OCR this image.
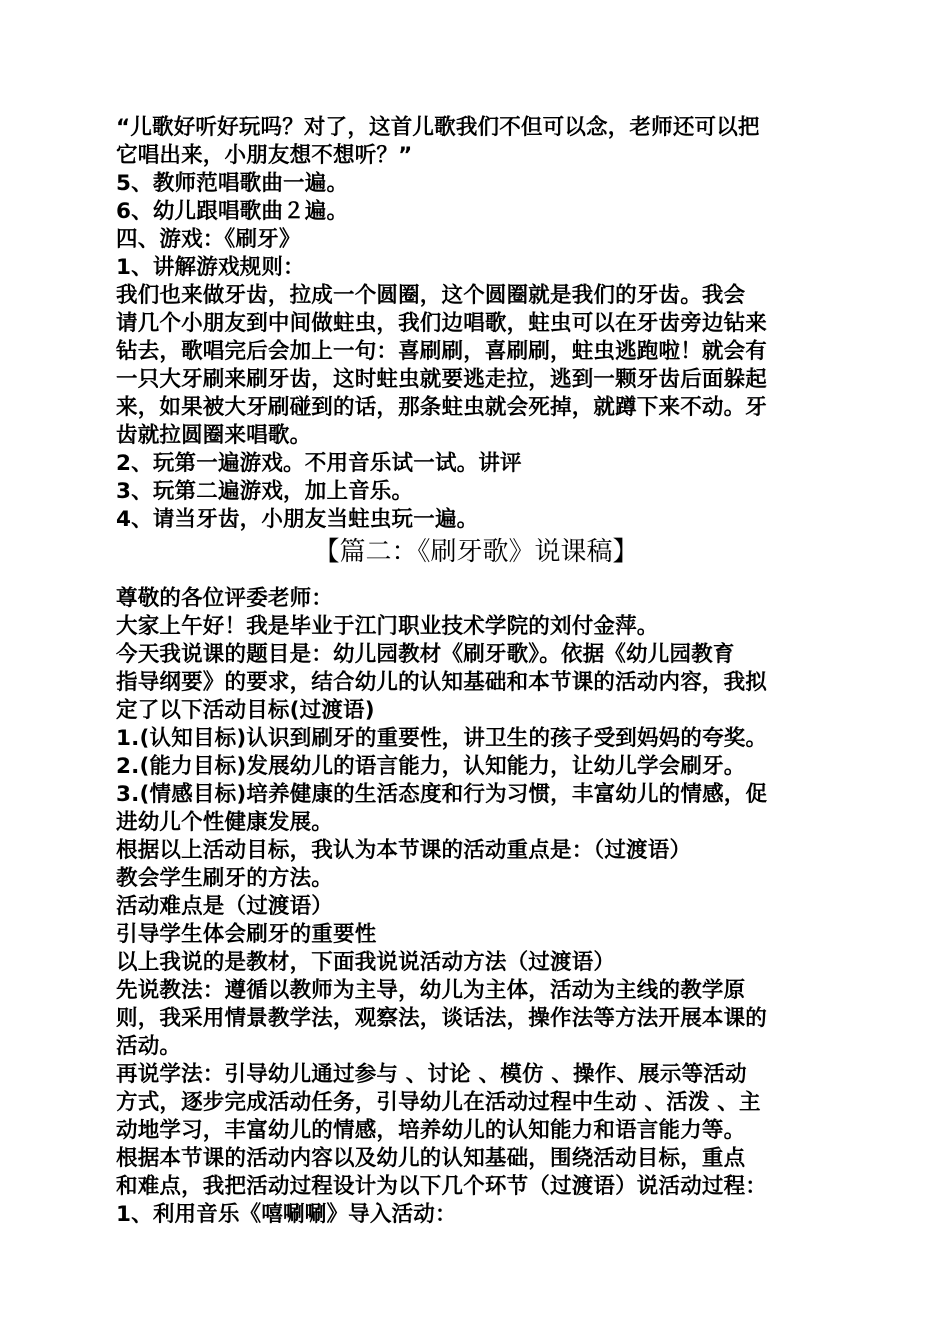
“儿歌好听好玩吗？对了，这首儿歌我们不但可以念，老师还可以把
它唱出来，小朋友想不想听？”
5、教师范唱歌曲一遍。
6、幼儿跟唱歌曲２遍。
四、游戏：《刷牙》
1、讲解游戏规则：
我们也来做牙齿，拉成一个圆圈，这个圆圈就是我们的牙齿。我会
请几个小朋友到中间做蛀虫，我们边唱歌，蛀虫可以在牙齿旁边钻来
钻去，歌唱完后会加上一句：喜刷刷，喜刷刷，蛀虫逃跑啦！就会有
一只大牙刷来刷牙齿，这时蛀虫就要逃走拉，逃到一颗牙齿后面躲起
来，如果被大牙刷碰到的话，那条蛀虫就会死掉，就蹲下来不动。牙
齿就拉圆圈来唱歌。
2、玩第一遍游戏。不用音乐试一试。讲评
3、玩第二遍游戏，加上音乐。
4、请当牙齿，小朋友当蛀虫玩一遍。
【篇二：《刷牙歌》说课稿】
尊敬的各位评委老师：
大家上午好！我是毕业于江门职业技术学院的刘付金萍。
今天我说课的题目是：幼儿园教材《刷牙歌》。依据《幼儿园教育
指导纲要》的要求，结合幼儿的认知基础和本节课的活动内容，我拟
定了以下活动目标(过渡语)
1.(认知目标)认识到刷牙的重要性，讲卫生的孩子受到妈妈的夸奖。
2.(能力目标)发展幼儿的语言能力，认知能力，让幼儿学会刷牙。
3.(情感目标)培养健康的生活态度和行为习惯，丰富幼儿的情感，促
进幼儿个性健康发展。
根据以上活动目标，我认为本节课的活动重点是：（过渡语）
教会学生刷牙的方法。
活动难点是（过渡语）
引导学生体会刷牙的重要性
以上我说的是教材，下面我说说活动方法（过渡语）
先说教法：遵循以教师为主导，幼儿为主体，活动为主线的教学原
则，我采用情景教学法，观察法，谈话法，操作法等方法开展本课的
活动。
再说学法：引导幼儿通过参与 、讨论 、模仿 、操作、展示等活动
方式，逐步完成活动任务，引导幼儿在活动过程中生动 、活泼 、主
动地学习，丰富幼儿的情感，培养幼儿的认知能力和语言能力等。
根据本节课的活动内容以及幼儿的认知基础，围绕活动目标，重点
和难点，我把活动过程设计为以下几个环节（过渡语）说活动过程：
1、利用音乐《嘻唰唰》导入活动：
